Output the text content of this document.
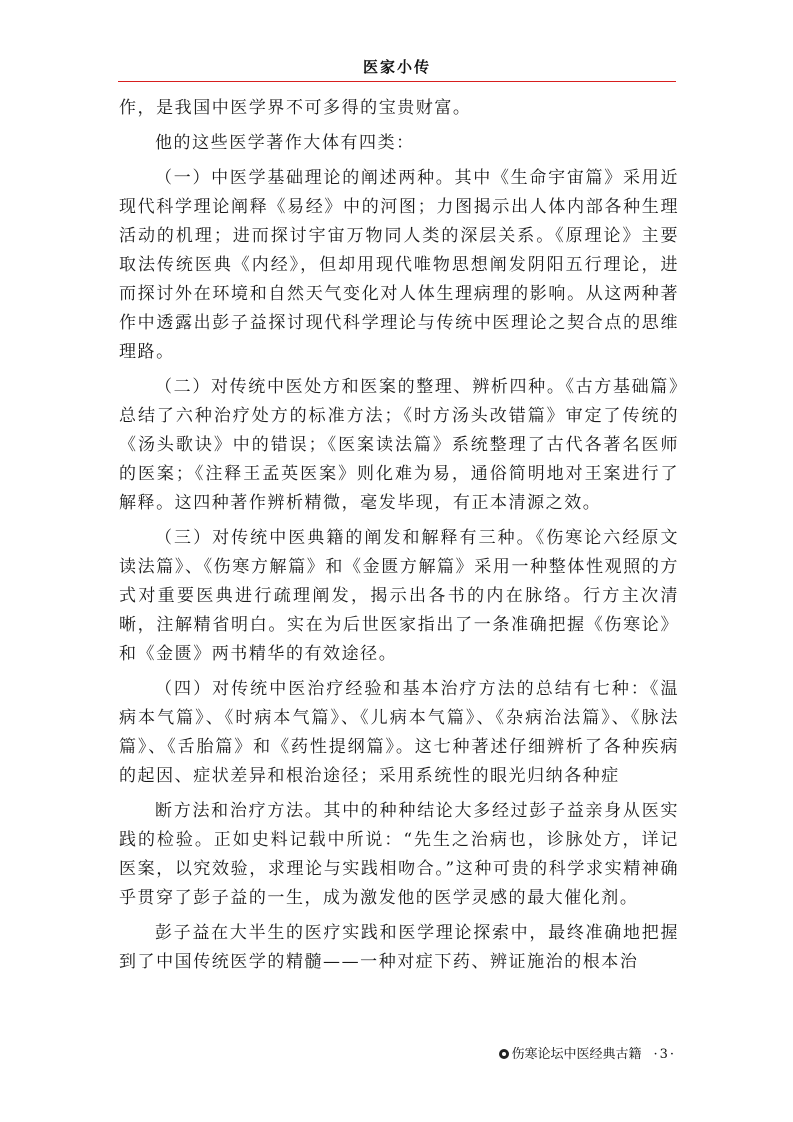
医家小传

作，是我国中医学界不可多得的宝贵财富。

他的这些医学著作大体有四类：

（一）中医学基础理论的阐述两种。其中《生命宇宙篇》采用近现代科学理论阐释《易经》中的河图；力图揭示出人体内部各种生理活动的机理；进而探讨宇宙万物同人类的深层关系。《原理论》主要取法传统医典《内经》，但却用现代唯物思想阐发阴阳五行理论，进而探讨外在环境和自然天气变化对人体生理病理的影响。从这两种著作中透露出彭子益探讨现代科学理论与传统中医理论之契合点的思维理路。

（二）对传统中医处方和医案的整理、辨析四种。《古方基础篇》总结了六种治疗处方的标准方法；《时方汤头改错篇》审定了传统的《汤头歌诀》中的错误；《医案读法篇》系统整理了古代各著名医师的医案；《注释王孟英医案》则化难为易，通俗简明地对王案进行了解释。这四种著作辨析精微，毫发毕现，有正本清源之效。

（三）对传统中医典籍的阐发和解释有三种。《伤寒论六经原文读法篇》、《伤寒方解篇》和《金匮方解篇》采用一种整体性观照的方式对重要医典进行疏理阐发，揭示出各书的内在脉络。行方主次清晰，注解精省明白。实在为后世医家指出了一条准确把握《伤寒论》和《金匮》两书精华的有效途径。

（四）对传统中医治疗经验和基本治疗方法的总结有七种：《温病本气篇》、《时病本气篇》、《儿病本气篇》、《杂病治法篇》、《脉法篇》、《舌胎篇》和《药性提纲篇》。这七种著述仔细辨析了各种疾病的起因、症状差异和根治途径；采用系统性的眼光归纳各种症

断方法和治疗方法。其中的种种结论大多经过彭子益亲身从医实践的检验。正如史料记载中所说：“先生之治病也，诊脉处方，详记医案，以究效验，求理论与实践相吻合。”这种可贵的科学求实精神确乎贯穿了彭子益的一生，成为激发他的医学灵感的最大催化剂。

彭子益在大半生的医疗实践和医学理论探索中，最终准确地把握到了中国传统医学的精髓——一种对症下药、辨证施治的根本治

伤寒论坛中医经典古籍 ·3·
